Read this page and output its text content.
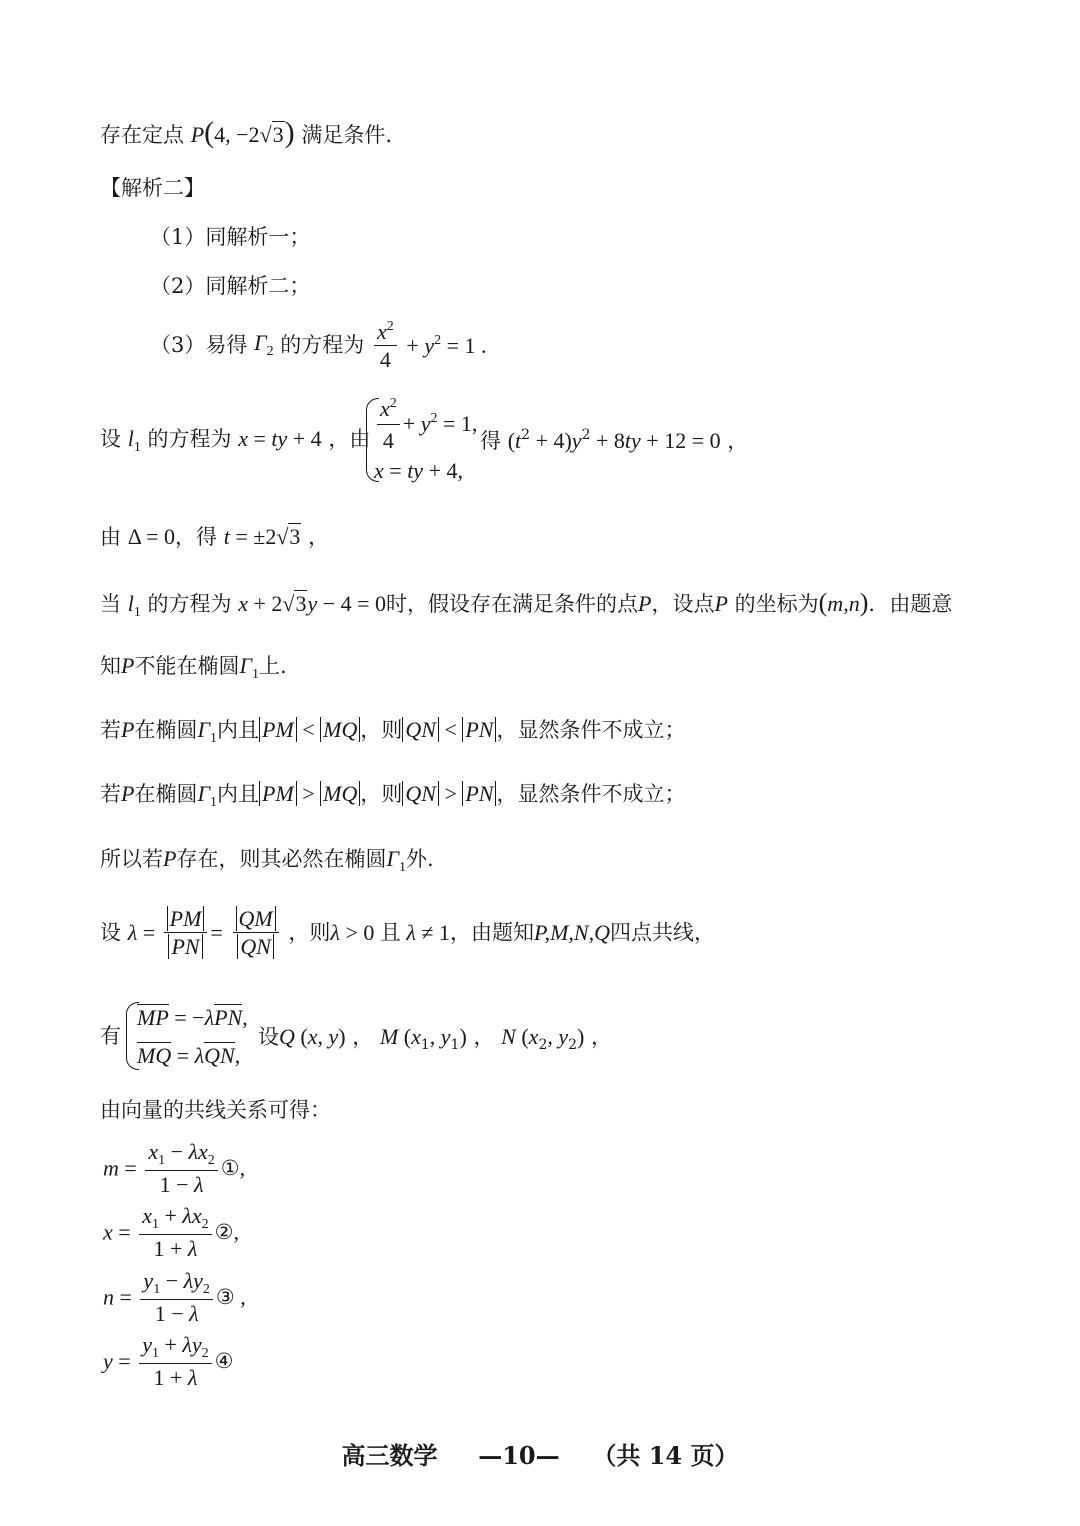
存在定点 P(4, −2√3) 满足条件.
【解析二】
（1）同解析一；
（2）同解析二；
（3）易得 $\Gamma_2$ 的方程为 $\frac{x^2}{4} + y^2 = 1$ .
设 $l_1$ 的方程为 x = ty + 4 ，由 $\frac{x^2}{4} + y^2 = 1$,
x = ty + 4,
得 $(t^2 + 4)y^2 + 8ty + 12 = 0$ ，
由 Δ = 0，得 t = ±2√3 ，
当 $l_1$ 的方程为 x + 2√3y − 4 = 0时，假设存在满足条件的点P，设点P 的坐标为(m,n)．由题意
知P不能在椭圆$\Gamma_1$上.
若P在椭圆$\Gamma_1$内且 PM < MQ ，则 QN < PN ，显然条件不成立；
若P在椭圆$\Gamma_1$内且 PM > MQ ，则 QN > PN ，显然条件不成立；
所以若P存在，则其必然在椭圆$\Gamma_1$外.
设 $\lambda = \frac{PM}{PN} = \frac{QM}{QN}$ ，则λ > 0 且 λ ≠ 1，由题知P,M,N,Q四点共线，
有
MP = −λPN,
MQ = λQN,
设Q (x, y) ， M ($x_1$, $y_1$) ， N ($x_2$, $y_2$) ，
由向量的共线关系可得：
$m = \frac{x_1 - \lambda x_2}{1 - \lambda}$ ①,
$x = \frac{x_1 + \lambda x_2}{1 + \lambda}$ ②,
$n = \frac{y_1 - \lambda y_2}{1 - \lambda}$ ③ ,
$y = \frac{y_1 + \lambda y_2}{1 + \lambda}$ ④
高三数学 —10— （共 14 页）
